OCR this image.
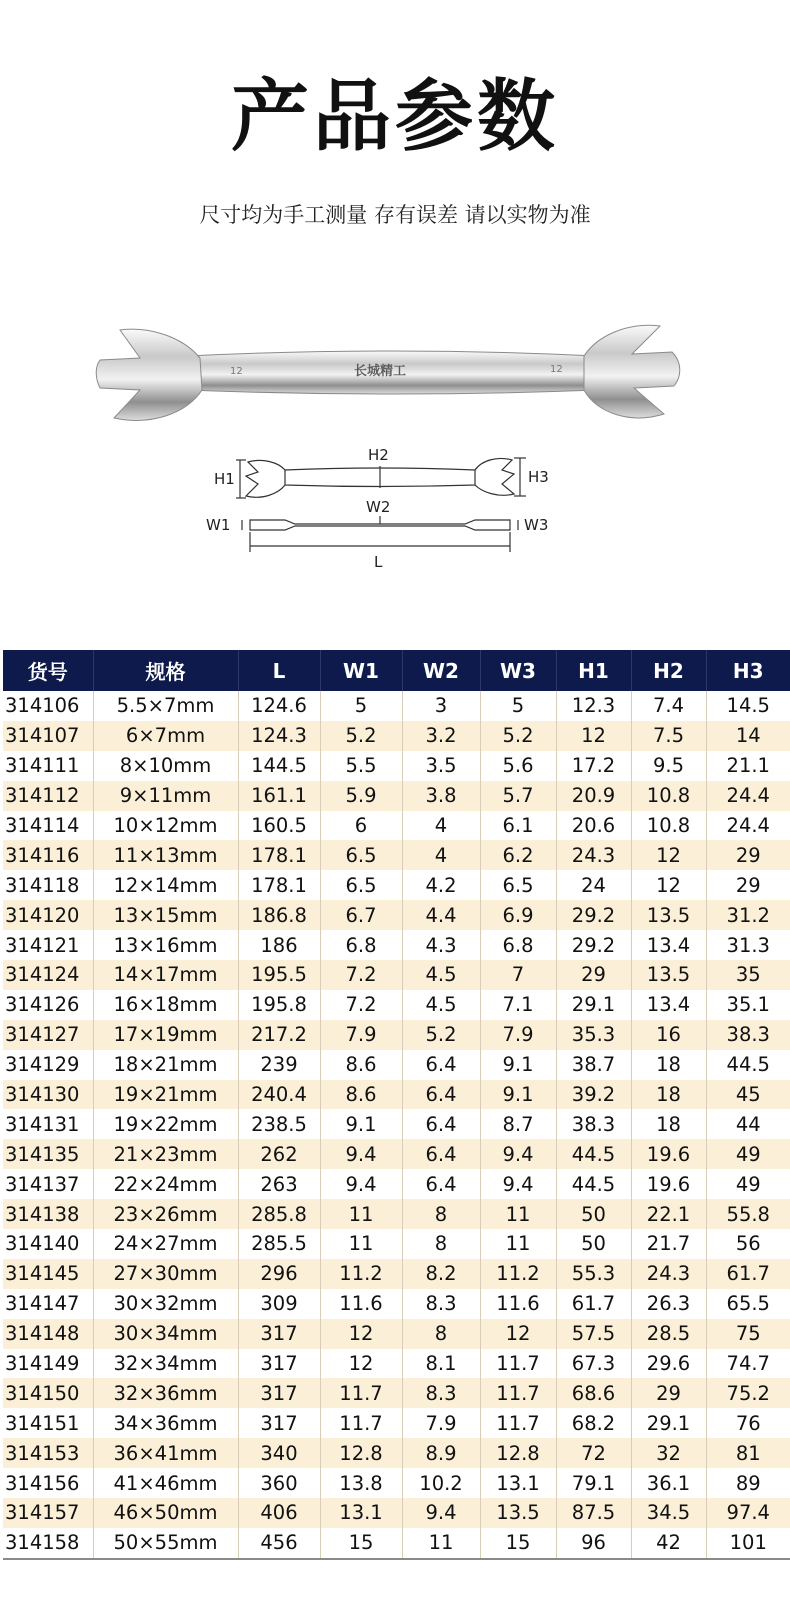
产品参数
尺寸均为手工测量 存有误差 请以实物为准
12	长城精工	12
H1
H2
H3
W1
W2
W3
L
货号	规格	L	W1	W2	W3	H1	H2	H3
314106	5.5×7mm	124.6	5	3	5	12.3	7.4	14.5
314107	6×7mm	124.3	5.2	3.2	5.2	12	7.5	14
314111	8×10mm	144.5	5.5	3.5	5.6	17.2	9.5	21.1
314112	9×11mm	161.1	5.9	3.8	5.7	20.9	10.8	24.4
314114	10×12mm	160.5	6	4	6.1	20.6	10.8	24.4
314116	11×13mm	178.1	6.5	4	6.2	24.3	12	29
314118	12×14mm	178.1	6.5	4.2	6.5	24	12	29
314120	13×15mm	186.8	6.7	4.4	6.9	29.2	13.5	31.2
314121	13×16mm	186	6.8	4.3	6.8	29.2	13.4	31.3
314124	14×17mm	195.5	7.2	4.5	7	29	13.5	35
314126	16×18mm	195.8	7.2	4.5	7.1	29.1	13.4	35.1
314127	17×19mm	217.2	7.9	5.2	7.9	35.3	16	38.3
314129	18×21mm	239	8.6	6.4	9.1	38.7	18	44.5
314130	19×21mm	240.4	8.6	6.4	9.1	39.2	18	45
314131	19×22mm	238.5	9.1	6.4	8.7	38.3	18	44
314135	21×23mm	262	9.4	6.4	9.4	44.5	19.6	49
314137	22×24mm	263	9.4	6.4	9.4	44.5	19.6	49
314138	23×26mm	285.8	11	8	11	50	22.1	55.8
314140	24×27mm	285.5	11	8	11	50	21.7	56
314145	27×30mm	296	11.2	8.2	11.2	55.3	24.3	61.7
314147	30×32mm	309	11.6	8.3	11.6	61.7	26.3	65.5
314148	30×34mm	317	12	8	12	57.5	28.5	75
314149	32×34mm	317	12	8.1	11.7	67.3	29.6	74.7
314150	32×36mm	317	11.7	8.3	11.7	68.6	29	75.2
314151	34×36mm	317	11.7	7.9	11.7	68.2	29.1	76
314153	36×41mm	340	12.8	8.9	12.8	72	32	81
314156	41×46mm	360	13.8	10.2	13.1	79.1	36.1	89
314157	46×50mm	406	13.1	9.4	13.5	87.5	34.5	97.4
314158	50×55mm	456	15	11	15	96	42	101
